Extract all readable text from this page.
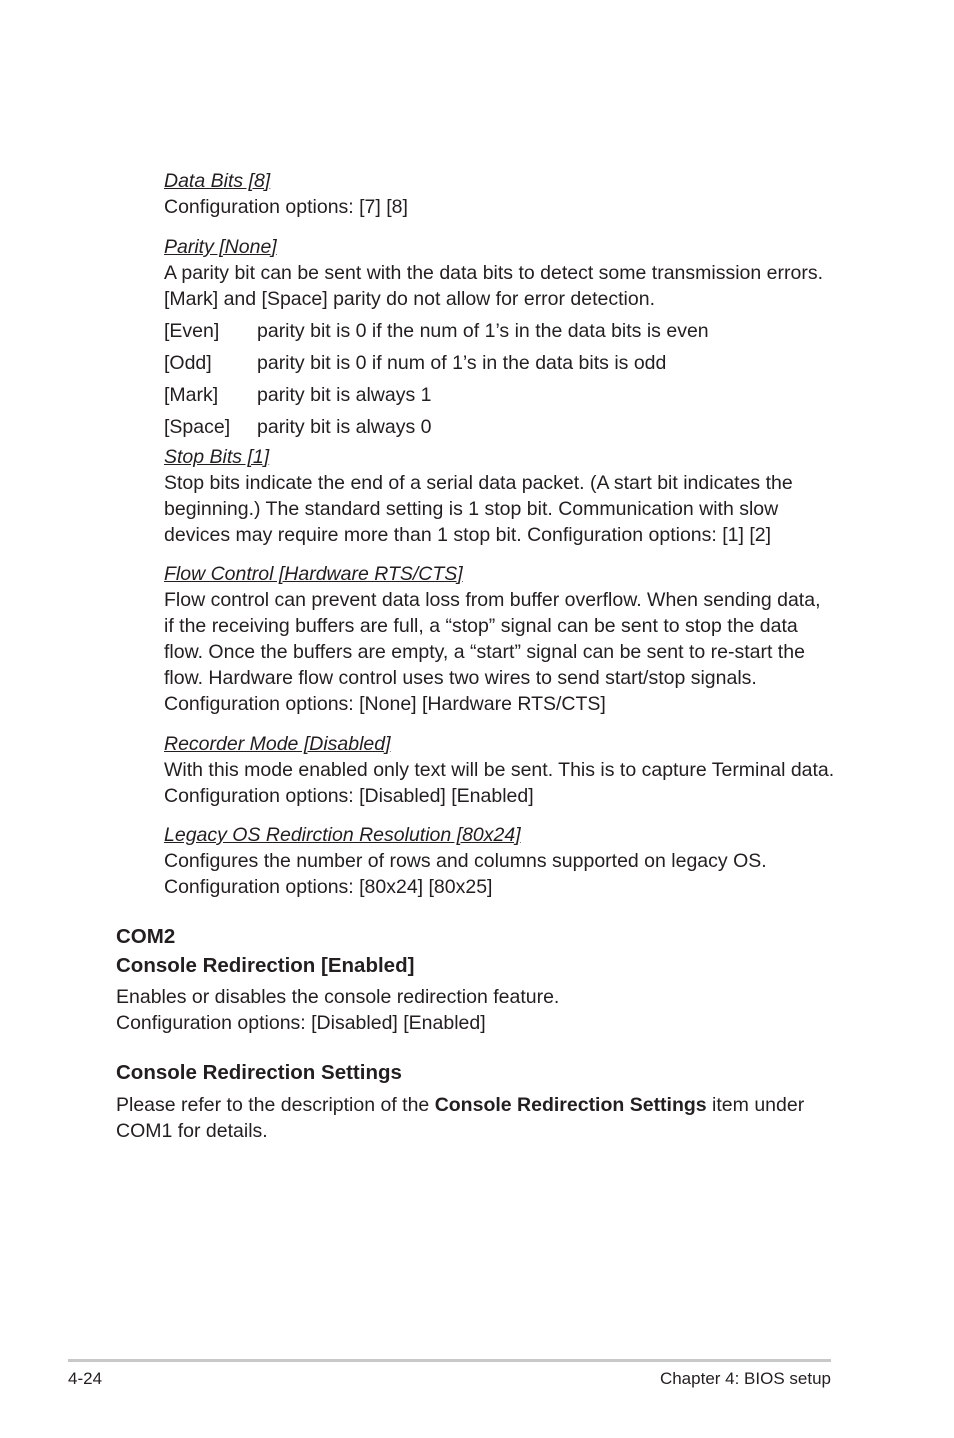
Data Bits [8]
Configuration options: [7] [8]
Parity [None]
A parity bit can be sent with the data bits to detect some transmission errors.
[Mark] and [Space] parity do not allow for error detection.
[Even] parity bit is 0 if the num of 1’s in the data bits is even
[Odd] parity bit is 0 if num of 1’s in the data bits is odd
[Mark] parity bit is always 1
[Space] parity bit is always 0
Stop Bits [1]
Stop bits indicate the end of a serial data packet. (A start bit indicates the
beginning.) The standard setting is 1 stop bit. Communication with slow
devices may require more than 1 stop bit. Configuration options: [1] [2]
Flow Control [Hardware RTS/CTS]
Flow control can prevent data loss from buffer overflow. When sending data,
if the receiving buffers are full, a “stop” signal can be sent to stop the data
flow. Once the buffers are empty, a “start” signal can be sent to re-start the
flow. Hardware flow control uses two wires to send start/stop signals.
Configuration options: [None] [Hardware RTS/CTS]
Recorder Mode [Disabled]
With this mode enabled only text will be sent. This is to capture Terminal data.
Configuration options: [Disabled] [Enabled]
Legacy OS Redirction Resolution [80x24]
Configures the number of rows and columns supported on legacy OS.
Configuration options: [80x24] [80x25]
COM2
Console Redirection [Enabled]
Enables or disables the console redirection feature.
Configuration options: [Disabled] [Enabled]
Console Redirection Settings
Please refer to the description of the Console Redirection Settings item under
COM1 for details.
4-24	Chapter 4: BIOS setup
